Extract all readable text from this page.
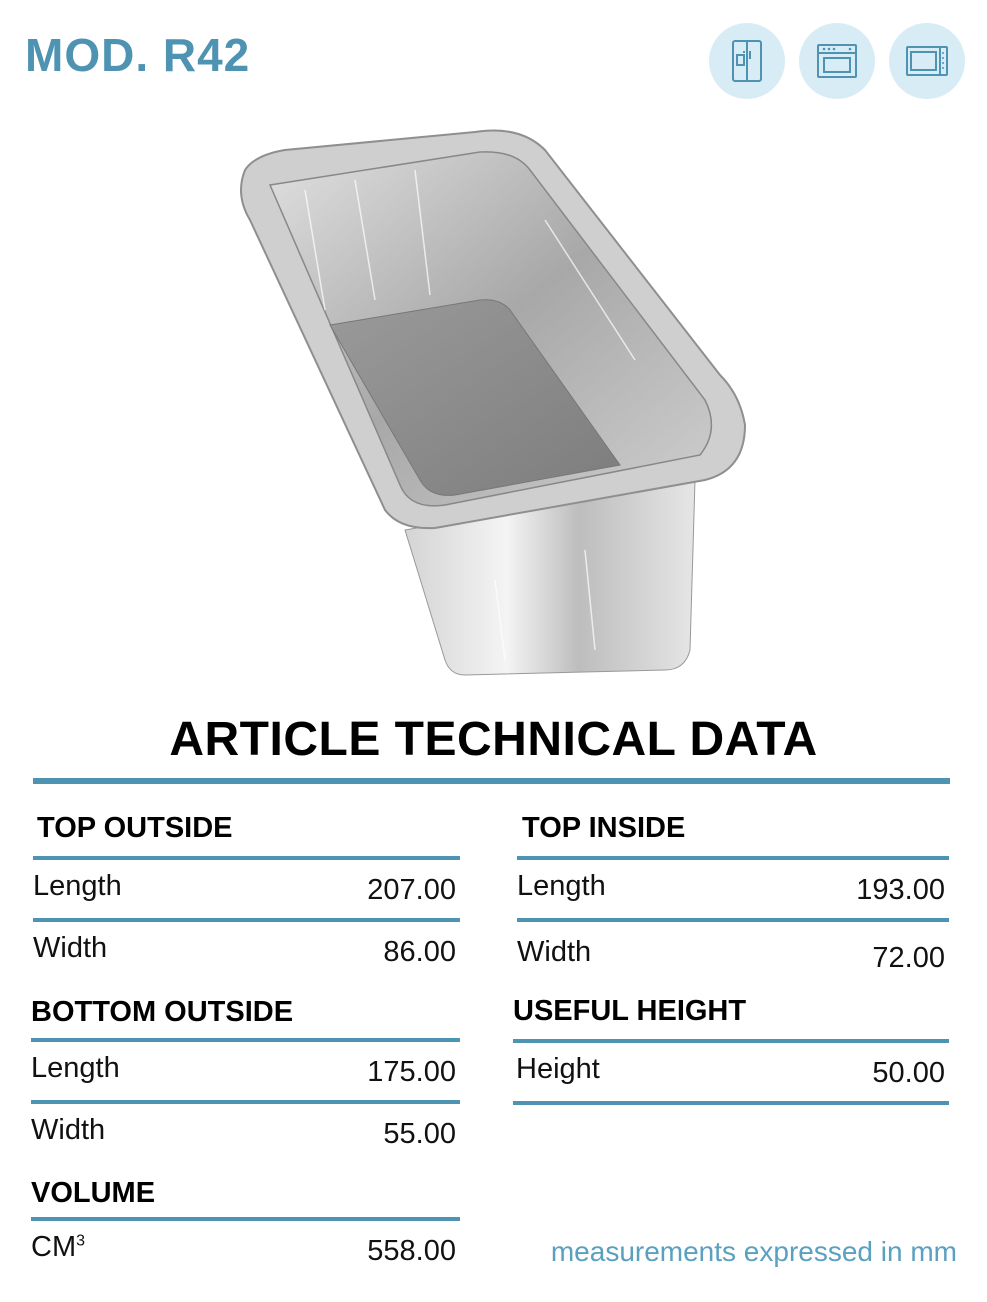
MOD. R42
ARTICLE TECHNICAL DATA
TOP OUTSIDE
Length	207.00
Width	86.00
BOTTOM OUTSIDE
Length	175.00
Width	55.00
VOLUME
$CM^3$	558.00
TOP INSIDE
Length	193.00
Width	72.00
USEFUL HEIGHT
Height	50.00
measurements expressed in mm
